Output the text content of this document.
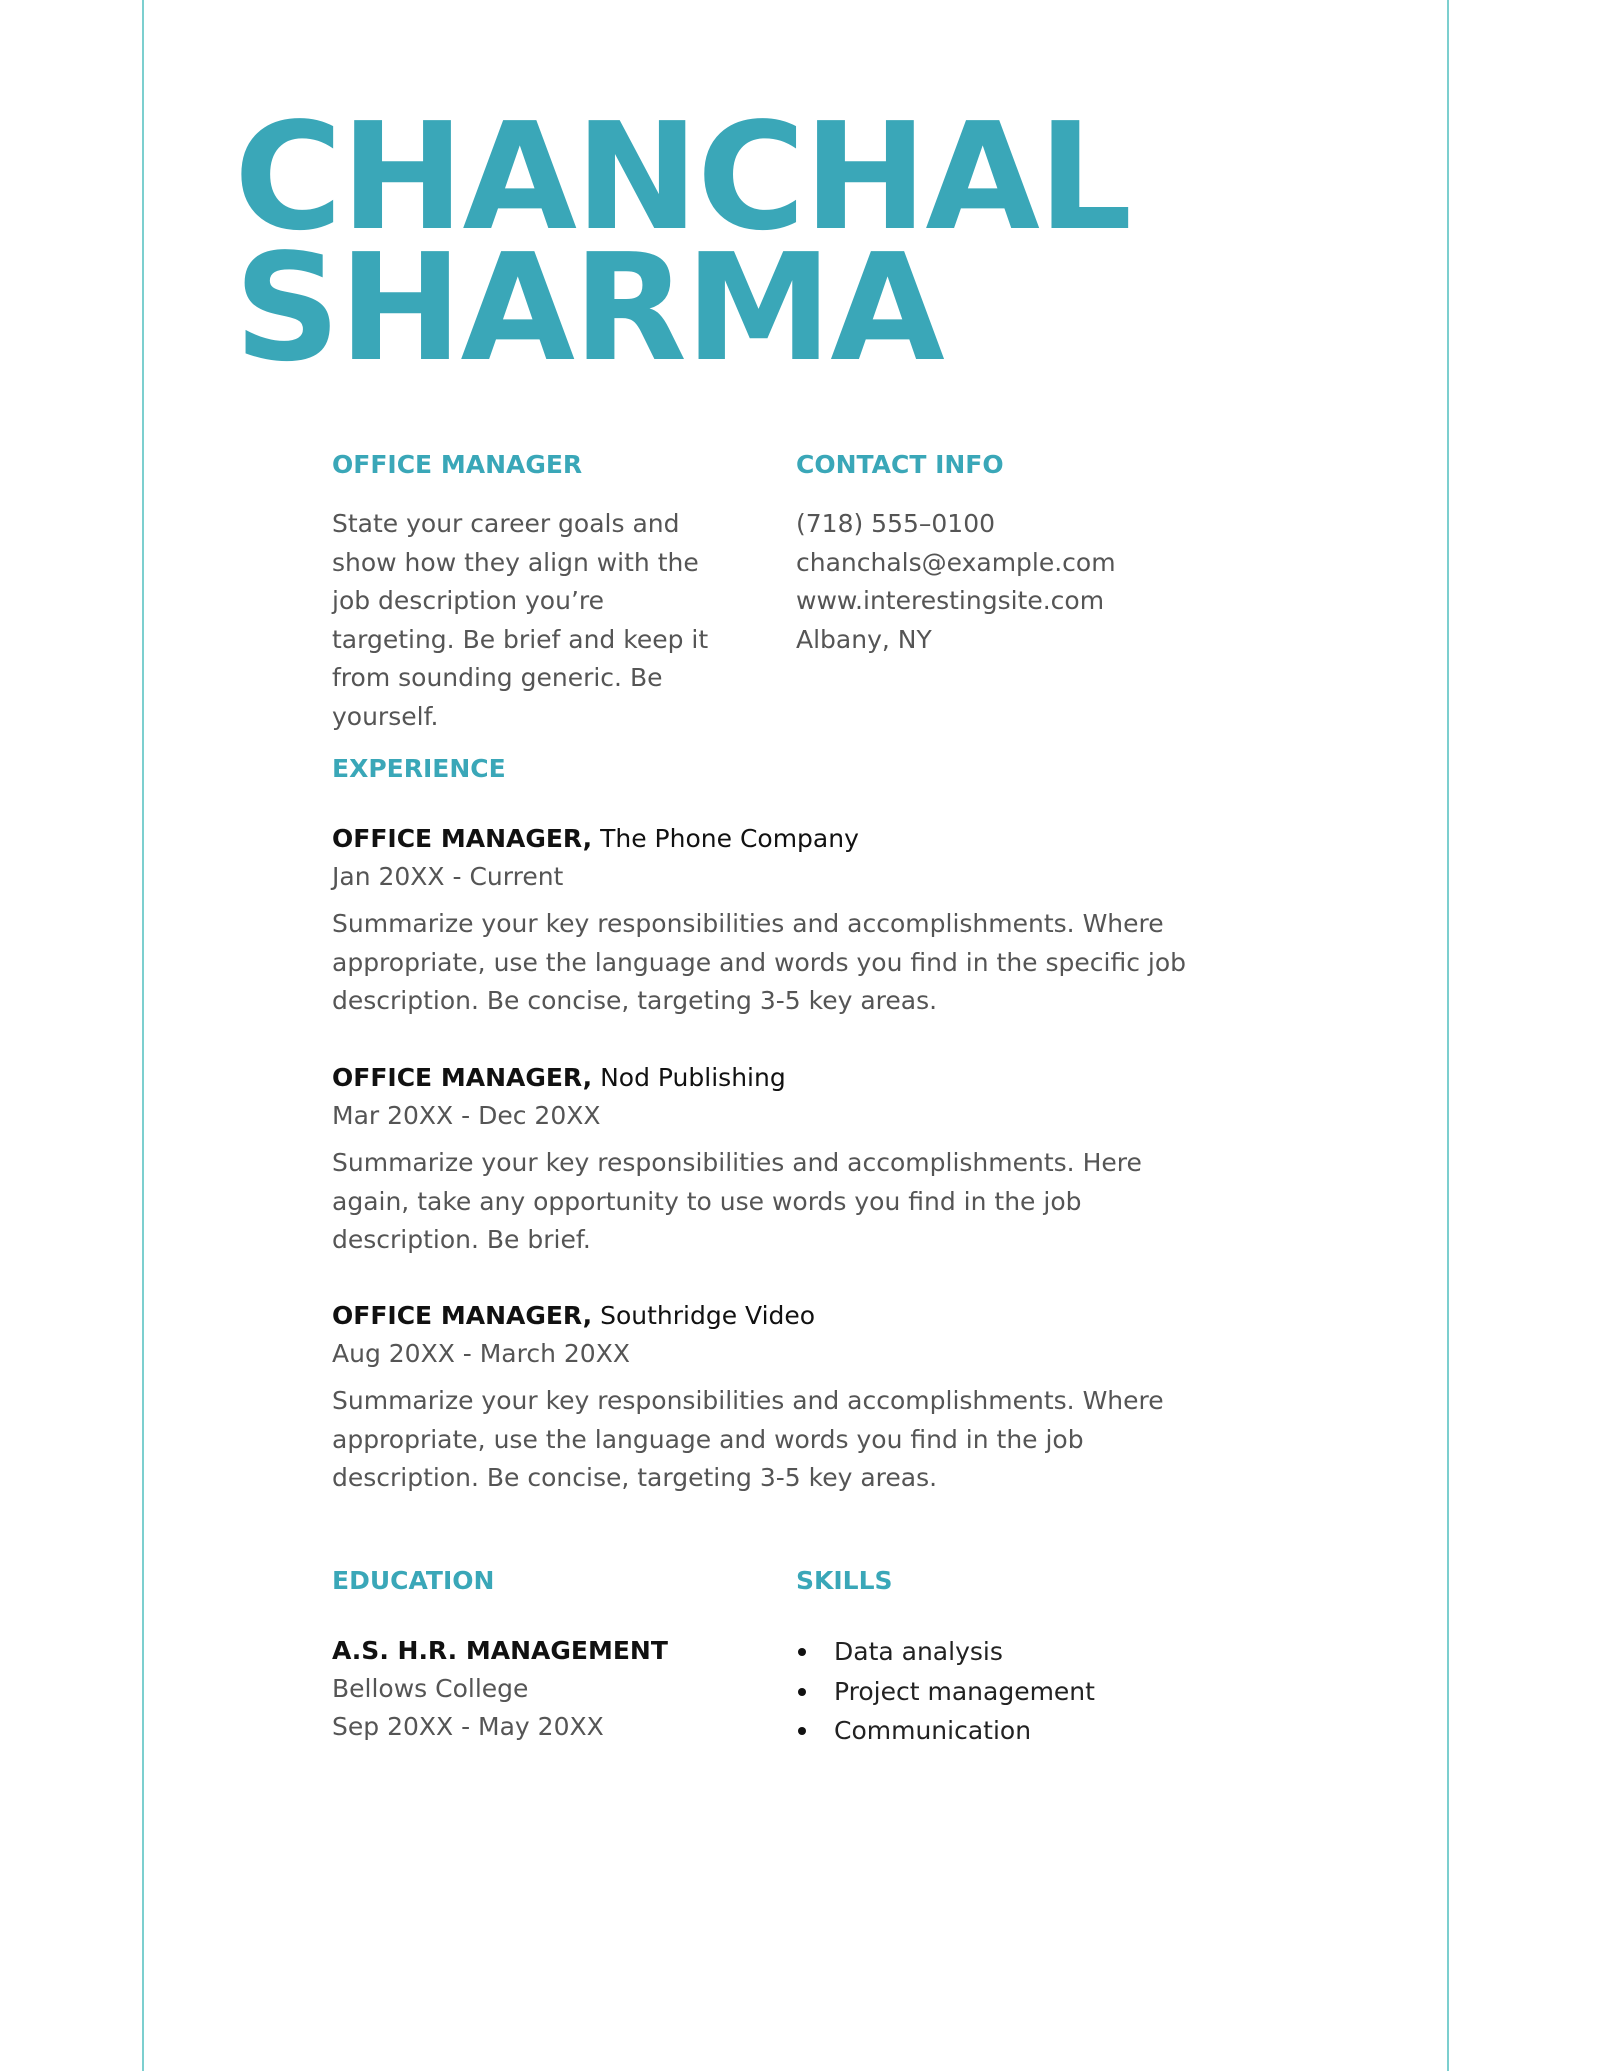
CHANCHAL
SHARMA
OFFICE MANAGER

State your career goals and show how they align with the job description you’re targeting. Be brief and keep it from sounding generic. Be yourself.

CONTACT INFO
(718) 555–0100
chanchals@example.com
www.interestingsite.com
Albany, NY
EXPERIENCE
OFFICE MANAGER, The Phone Company
Jan 20XX - Current
Summarize your key responsibilities and accomplishments. Where appropriate, use the language and words you find in the specific job description. Be concise, targeting 3-5 key areas.
OFFICE MANAGER, Nod Publishing
Mar 20XX - Dec 20XX
Summarize your key responsibilities and accomplishments. Here again, take any opportunity to use words you find in the job description. Be brief.
OFFICE MANAGER, Southridge Video
Aug 20XX - March 20XX
Summarize your key responsibilities and accomplishments. Where appropriate, use the language and words you find in the job description. Be concise, targeting 3-5 key areas.
EDUCATION
A.S. H.R. MANAGEMENT
Bellows College
Sep 20XX - May 20XX
SKILLS
Data analysis
Project management
Communication
